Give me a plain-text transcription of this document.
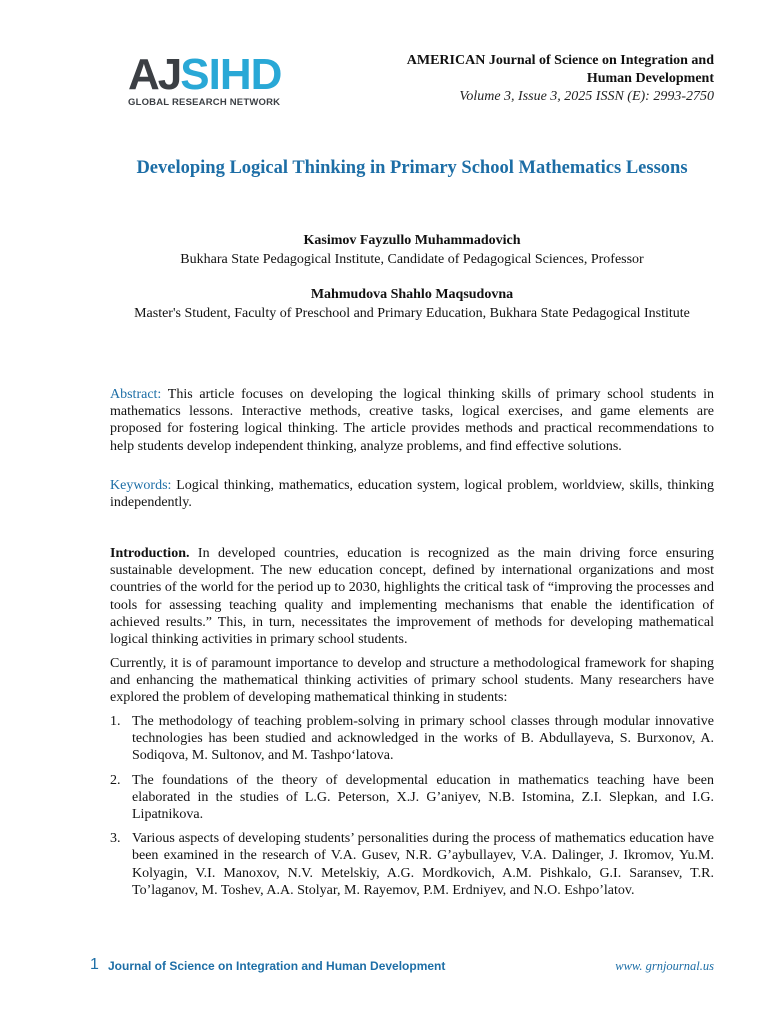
AJ SIHD
GLOBAL RESEARCH NETWORK
AMERICAN Journal of Science on Integration and
Human Development
Volume 3, Issue 3, 2025 ISSN (E): 2993-2750
Developing Logical Thinking in Primary School Mathematics Lessons
Kasimov Fayzullo Muhammadovich
Bukhara State Pedagogical Institute, Candidate of Pedagogical Sciences, Professor
Mahmudova Shahlo Maqsudovna
Master's Student, Faculty of Preschool and Primary Education, Bukhara State Pedagogical Institute

Abstract: This article focuses on developing the logical thinking skills of primary school students in mathematics lessons. Interactive methods, creative tasks, logical exercises, and game elements are proposed for fostering logical thinking. The article provides methods and practical recommendations to help students develop independent thinking, analyze problems, and find effective solutions.

Keywords: Logical thinking, mathematics, education system, logical problem, worldview, skills, thinking independently.

Introduction. In developed countries, education is recognized as the main driving force ensuring sustainable development. The new education concept, defined by international organizations and most countries of the world for the period up to 2030, highlights the critical task of “improving the processes and tools for assessing teaching quality and implementing mechanisms that enable the identification of achieved results.” This, in turn, necessitates the improvement of methods for developing mathematical logical thinking activities in primary school students.

Currently, it is of paramount importance to develop and structure a methodological framework for shaping and enhancing the mathematical thinking activities of primary school students. Many researchers have explored the problem of developing mathematical thinking in students:

1. The methodology of teaching problem-solving in primary school classes through modular innovative technologies has been studied and acknowledged in the works of B. Abdullayeva, S. Burxonov, A. Sodiqova, M. Sultonov, and M. Tashpo‘latova.
2. The foundations of the theory of developmental education in mathematics teaching have been elaborated in the studies of L.G. Peterson, X.J. G’aniyev, N.B. Istomina, Z.I. Slepkan, and I.G. Lipatnikova.
3. Various aspects of developing students’ personalities during the process of mathematics education have been examined in the research of V.A. Gusev, N.R. G’aybullayev, V.A. Dalinger, J. Ikromov, Yu.M. Kolyagin, V.I. Manoxov, N.V. Metelskiy, A.G. Mordkovich, A.M. Pishkalo, G.I. Saransev, T.R. To’laganov, M. Toshev, A.A. Stolyar, M. Rayemov, P.M. Erdniyev, and N.O. Eshpo’latov.
1 Journal of Science on Integration and Human Development	www. grnjournal.us
